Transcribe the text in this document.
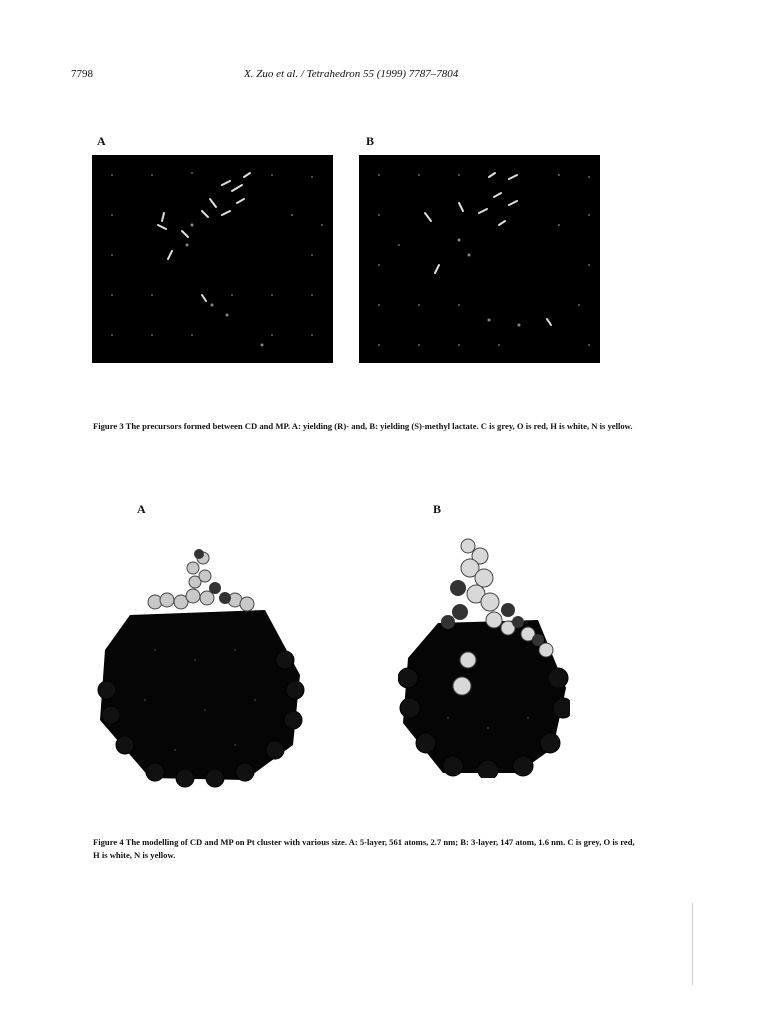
7798	X. Zuo et al. / Tetrahedron 55 (1999) 7787–7804
A	B
Figure 3 The precursors formed between CD and MP. A: yielding (R)- and, B: yielding (S)-methyl lactate. C is grey, O is red, H is white, N is yellow.
A	B
Figure 4 The modelling of CD and MP on Pt cluster with various size. A: 5-layer, 561 atoms, 2.7 nm; B: 3-layer, 147 atom, 1.6 nm. C is grey, O is red, H is white, N is yellow.
